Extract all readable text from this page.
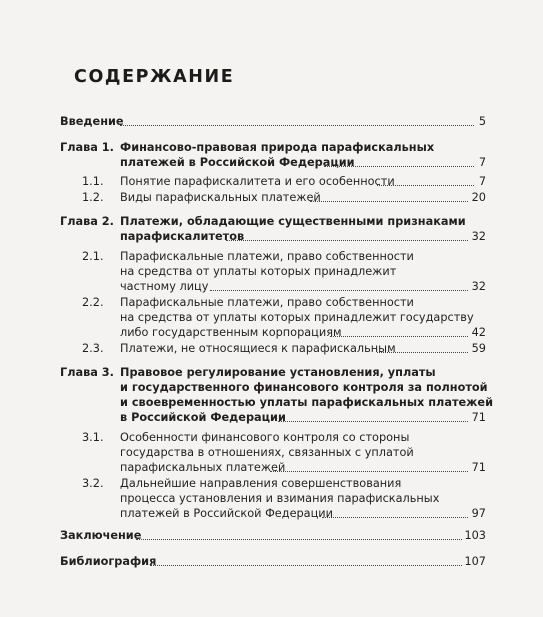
СОДЕРЖАНИЕ
Введение	5
Глава 1. Финансово-правовая природа парафискальных
платежей в Российской Федерации	7
1.1. Понятие парафискалитета и его особенности	7
1.2. Виды парафискальных платежей	20
Глава 2. Платежи, обладающие существенными признаками
парафискалитетов	32
2.1. Парафискальные платежи, право собственности
на средства от уплаты которых принадлежит
частному лицу	32
2.2. Парафискальные платежи, право собственности
на средства от уплаты которых принадлежит государству
либо государственным корпорациям	42
2.3. Платежи, не относящиеся к парафискальным	59
Глава 3. Правовое регулирование установления, уплаты
и государственного финансового контроля за полнотой
и своевременностью уплаты парафискальных платежей
в Российской Федерации	71
3.1. Особенности финансового контроля со стороны
государства в отношениях, связанных с уплатой
парафискальных платежей	71
3.2. Дальнейшие направления совершенствования
процесса установления и взимания парафискальных
платежей в Российской Федерации	97
Заключение	103
Библиография	107
